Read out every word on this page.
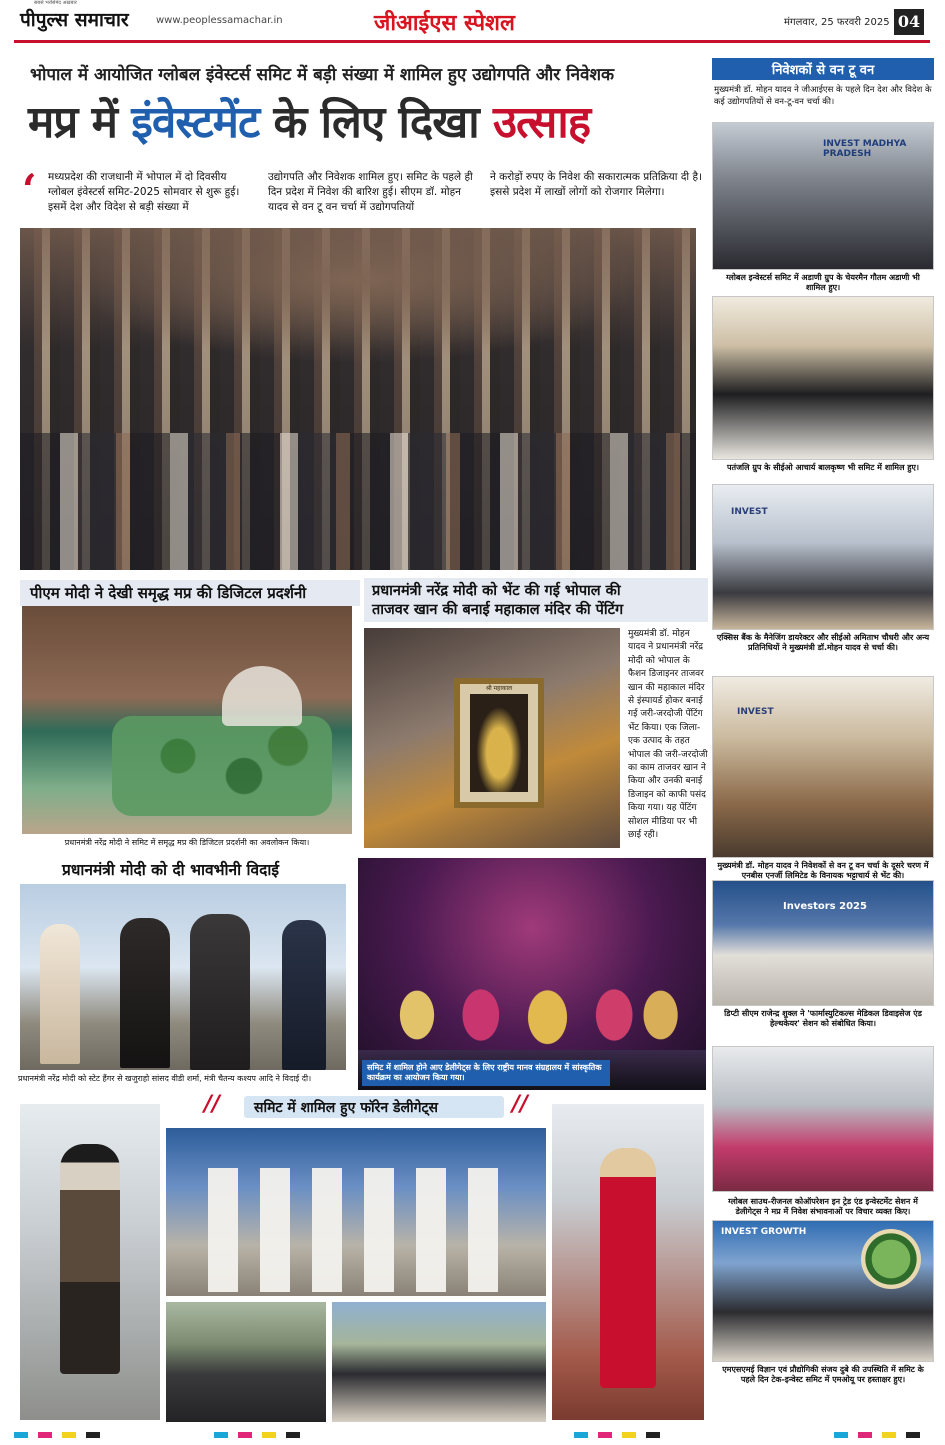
पीपुल्स समाचार
सबसे भरोसेमंद अख़बार
www.peoplessamachar.in	जीआईएस स्पेशल	मंगलवार, 25 फरवरी 2025 04
भोपाल में आयोजित ग्लोबल इंवेस्टर्स समिट में बड़ी संख्या में शामिल हुए उद्योगपति और निवेशक
मप्र में इंवेस्टमेंट के लिए दिखा उत्साह
‘ मध्यप्रदेश की राजधानी में भोपाल में दो दिवसीय ग्लोबल इंवेस्टर्स समिट-2025 सोमवार से शुरू हुई। इसमें देश और विदेश से बड़ी संख्या में
उद्योगपति और निवेशक शामिल हुए। समिट के पहले ही दिन प्रदेश में निवेश की बारिश हुई। सीएम डॉ. मोहन यादव से वन टू वन चर्चा में उद्योगपतियों
ने करोड़ों रुपए के निवेश की सकारात्मक प्रतिक्रिया दी है। इससे प्रदेश में लाखों लोगों को रोजगार मिलेगा।
पीएम मोदी ने देखी समृद्ध मप्र की डिजिटल प्रदर्शनी
प्रधानमंत्री नरेंद्र मोदी ने समिट में समृद्ध मप्र की डिजिटल प्रदर्शनी का अवलोकन किया।
प्रधानमंत्री नरेंद्र मोदी को भेंट की गई भोपाल की
ताजवर खान की बनाई महाकाल मंदिर की पेंटिंग
श्री महाकाल
मुख्यमंत्री डॉ. मोहन यादव ने प्रधानमंत्री नरेंद्र मोदी को भोपाल के फैशन डिजाइनर ताजवर खान की महाकाल मंदिर से इंस्पायर्ड होकर बनाई गई जरी-जरदोजी पेंटिंग भेंट किया। एक जिला-एक उत्पाद के तहत भोपाल की जरी-जरदोजी का काम ताजवर खान ने किया और उनकी बनाई डिजाइन को काफी पसंद किया गया। यह पेंटिंग सोशल मीडिया पर भी छाई रही।
प्रधानमंत्री मोदी को दी भावभीनी विदाई
प्रधानमंत्री नरेंद्र मोदी को स्टेट हैंगर से खजुराहो सांसद वीडी शर्मा, मंत्री चैतन्य कश्यप आदि ने विदाई दी।
समिट में शामिल होने आए डेलीगेट्स के लिए राष्ट्रीय मानव संग्रहालय में सांस्कृतिक कार्यक्रम का आयोजन किया गया।
// समिट में शामिल हुए फॉरेन डेलीगेट्स	//
निवेशकों से वन टू वन
मुख्यमंत्री डॉ. मोहन यादव ने जीआईएस के पहले दिन देश और विदेश के कई उद्योगपतियों से वन-टू-वन चर्चा की।
INVEST MADHYA PRADESH
ग्लोबल इन्वेस्टर्स समिट में अडाणी ग्रुप के चेयरमैन गौतम अडाणी भी शामिल हुए।
पतंजलि ग्रुप के सीईओ आचार्य बालकृष्ण भी समिट में शामिल हुए।
INVEST
एक्सिस बैंक के मैनेजिंग डायरेक्टर और सीईओ अमिताभ चौधरी और अन्य प्रतिनिधियों ने मुख्यमंत्री डॉ.मोहन यादव से चर्चा की।
INVEST
मुख्यमंत्री डॉ. मोहन यादव ने निवेशकों से वन टू वन चर्चा के दूसरे चरण में एनबीस एनर्जी लिमिटेड के विनायक भट्टाचार्य से भेंट की।
Investors 2025
डिप्टी सीएम राजेन्द्र शुक्ल ने 'फार्मास्युटिकल्स मेडिकल डिवाइसेज एंड हेल्थकेयर' सेशन को संबोधित किया।
ग्लोबल साउथ-रीजनल कोऑपरेशन इन ट्रेड एंड इन्वेस्टमेंट सेशन में डेलीगेट्स ने मप्र में निवेश संभावनाओं पर विचार व्यक्त किए।
INVEST GROWTH
एमएसएमई विज्ञान एवं प्रौद्योगिकी संजय दुबे की उपस्थिति में समिट के पहले दिन टेक-इन्वेस्ट समिट में एमओयू पर हस्ताक्षर हुए।
